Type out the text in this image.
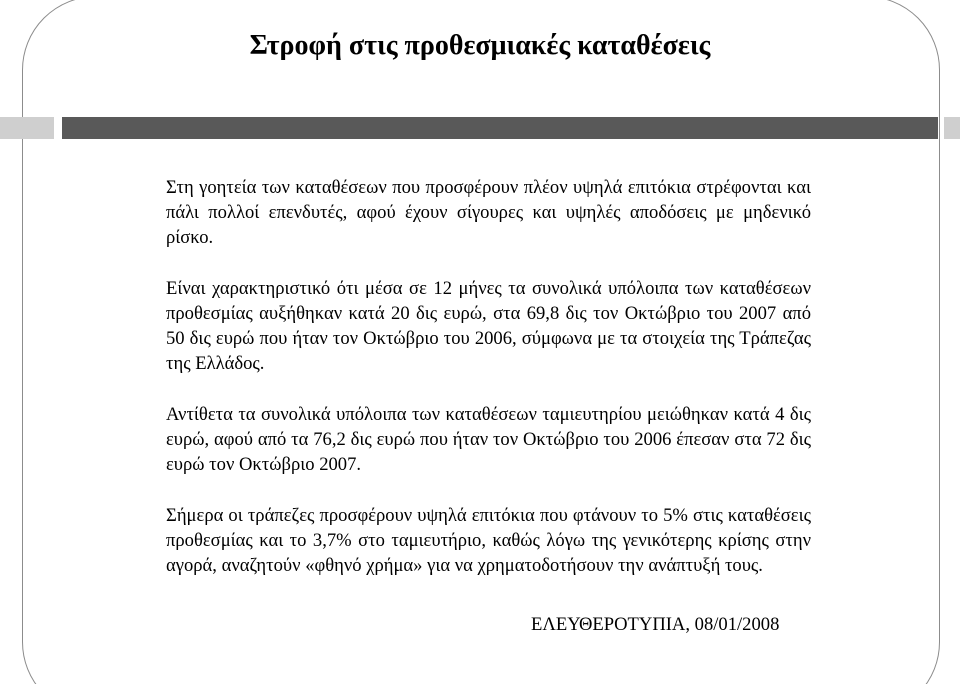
Στροφή στις προθεσμιακές καταθέσεις

Στη γοητεία των καταθέσεων που προσφέρουν πλέον υψηλά επιτόκια στρέφονται και πάλι πολλοί επενδυτές, αφού έχουν σίγουρες και υψηλές αποδόσεις με μηδενικό ρίσκο.

Είναι χαρακτηριστικό ότι μέσα σε 12 μήνες τα συνολικά υπόλοιπα των καταθέσεων προθεσμίας αυξήθηκαν κατά 20 δις ευρώ, στα 69,8 δις τον Οκτώβριο του 2007 από 50 δις ευρώ που ήταν τον Οκτώβριο του 2006, σύμφωνα με τα στοιχεία της Τράπεζας της Ελλάδος.

Αντίθετα τα συνολικά υπόλοιπα των καταθέσεων ταμιευτηρίου μειώθηκαν κατά 4 δις ευρώ, αφού από τα 76,2 δις ευρώ που ήταν τον Οκτώβριο του 2006 έπεσαν στα 72 δις ευρώ τον Οκτώβριο 2007.

Σήμερα οι τράπεζες προσφέρουν υψηλά επιτόκια που φτάνουν το 5% στις καταθέσεις προθεσμίας και το 3,7% στο ταμιευτήριο, καθώς λόγω της γενικότερης κρίσης στην αγορά, αναζητούν «φθηνό χρήμα» για να χρηματοδοτήσουν την ανάπτυξή τους.

ΕΛΕΥΘΕΡΟΤΥΠΙΑ, 08/01/2008
